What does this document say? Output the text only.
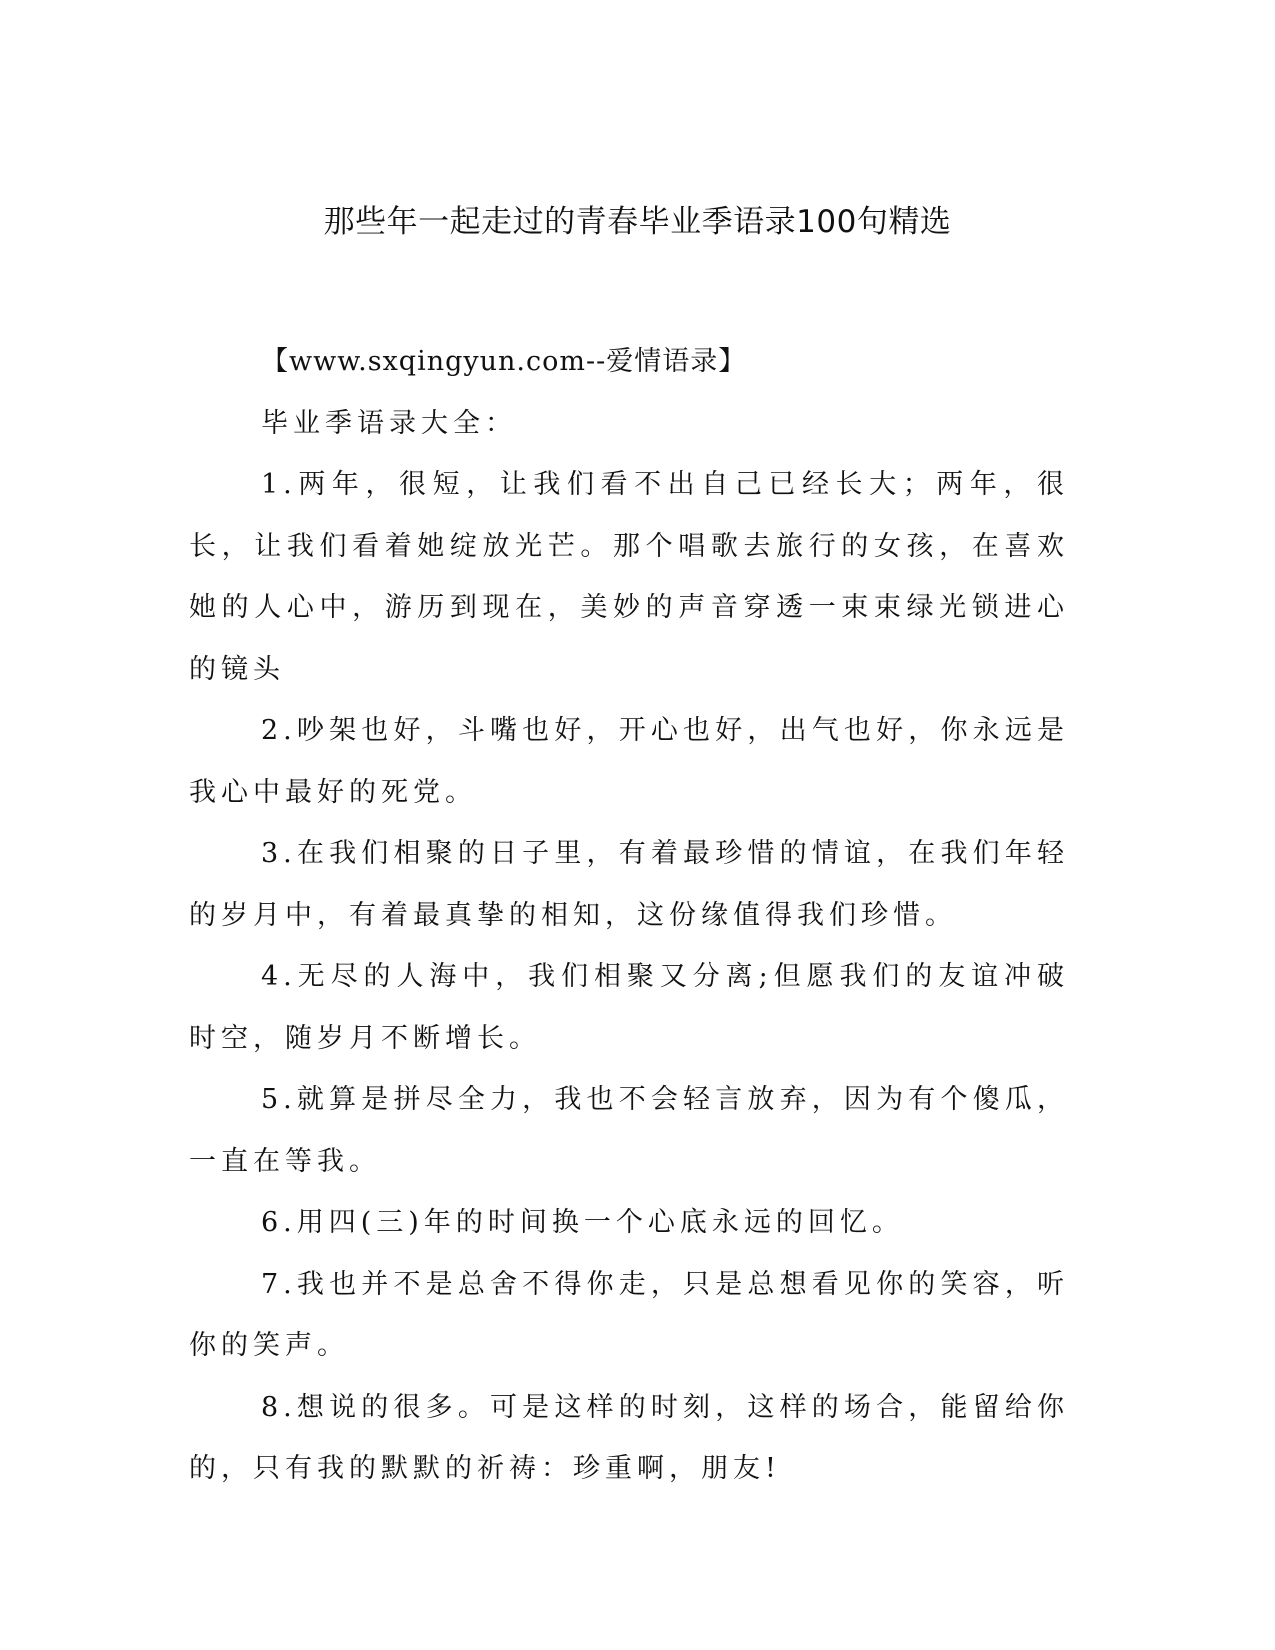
那些年一起走过的青春毕业季语录100句精选

【www.sxqingyun.com--爱情语录】

毕业季语录大全：

1.两年，很短，让我们看不出自己已经长大；两年，很长，让我们看着她绽放光芒。那个唱歌去旅行的女孩，在喜欢她的人心中，游历到现在，美妙的声音穿透一束束绿光锁进心的镜头

2.吵架也好，斗嘴也好，开心也好，出气也好，你永远是我心中最好的死党。

3.在我们相聚的日子里，有着最珍惜的情谊，在我们年轻的岁月中，有着最真挚的相知，这份缘值得我们珍惜。

4.无尽的人海中，我们相聚又分离;但愿我们的友谊冲破时空，随岁月不断增长。

5.就算是拼尽全力，我也不会轻言放弃，因为有个傻瓜，一直在等我。

6.用四(三)年的时间换一个心底永远的回忆。

7.我也并不是总舍不得你走，只是总想看见你的笑容，听你的笑声。

8.想说的很多。可是这样的时刻，这样的场合，能留给你的，只有我的默默的祈祷：珍重啊，朋友!
